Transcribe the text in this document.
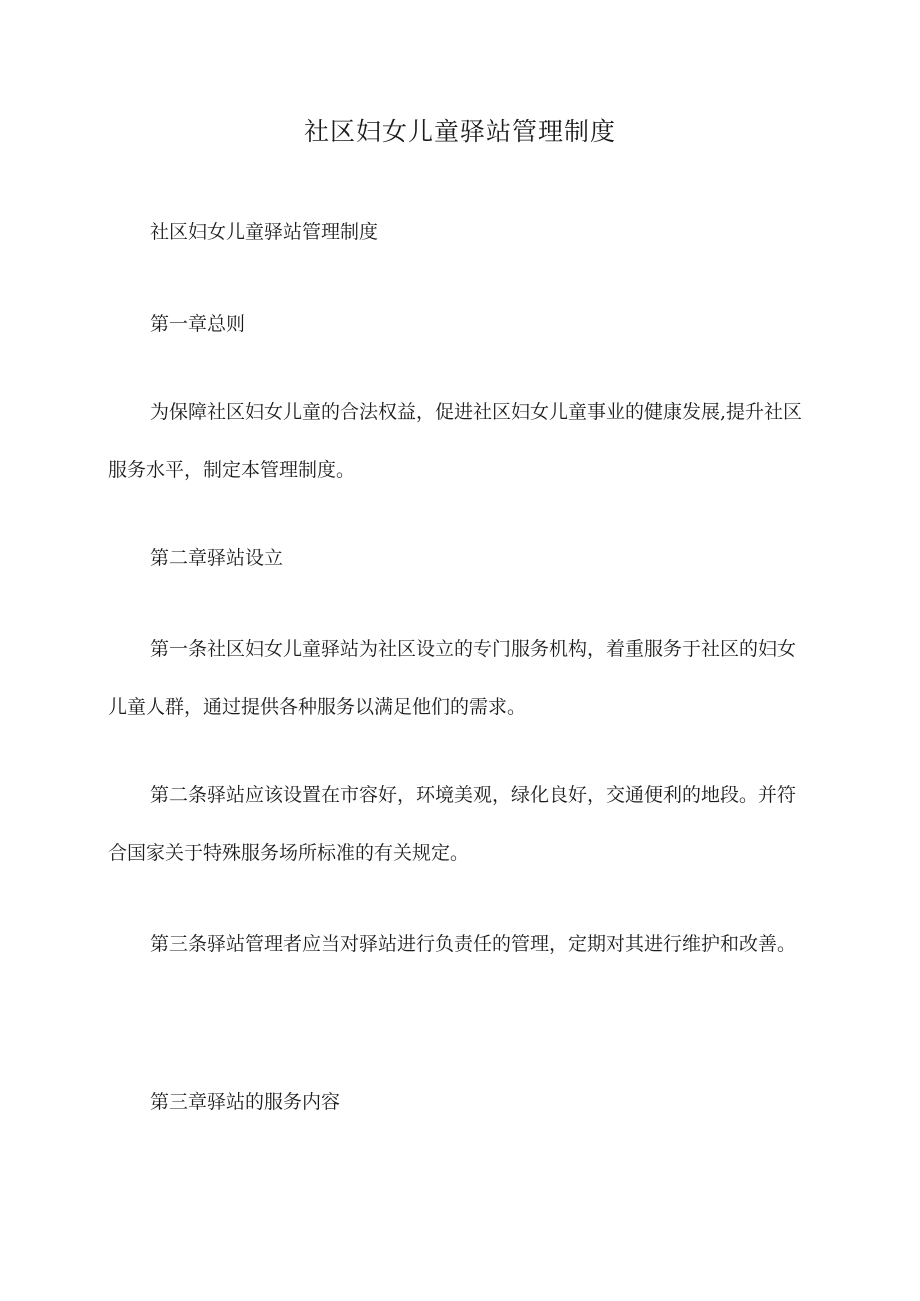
社区妇女儿童驿站管理制度

社区妇女儿童驿站管理制度

第一章总则

为保障社区妇女儿童的合法权益，促进社区妇女儿童事业的健康发展,提升社区服务水平，制定本管理制度。

第二章驿站设立

第一条社区妇女儿童驿站为社区设立的专门服务机构，着重服务于社区的妇女儿童人群，通过提供各种服务以满足他们的需求。

第二条驿站应该设置在市容好，环境美观，绿化良好，交通便利的地段。并符合国家关于特殊服务场所标准的有关规定。

第三条驿站管理者应当对驿站进行负责任的管理，定期对其进行维护和改善。

第三章驿站的服务内容
